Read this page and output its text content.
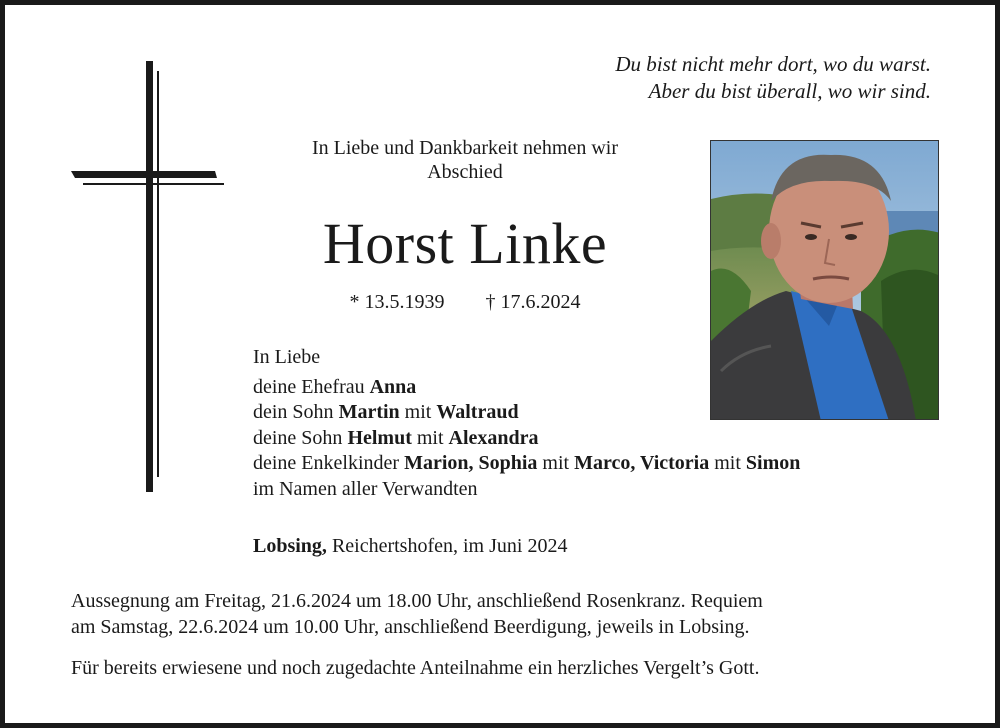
Du bist nicht mehr dort, wo du warst.
Aber du bist überall, wo wir sind.
In Liebe und Dankbarkeit nehmen wir
Abschied
Horst Linke
* 13.5.1939 † 17.6.2024
In Liebe
deine Ehefrau Anna
dein Sohn Martin mit Waltraud
deine Sohn Helmut mit Alexandra
deine Enkelkinder Marion, Sophia mit Marco, Victoria mit Simon
im Namen aller Verwandten
Lobsing, Reichertshofen, im Juni 2024
Aussegnung am Freitag, 21.6.2024 um 18.00 Uhr, anschließend Rosenkranz. Requiem
am Samstag, 22.6.2024 um 10.00 Uhr, anschließend Beerdigung, jeweils in Lobsing.
Für bereits erwiesene und noch zugedachte Anteilnahme ein herzliches Vergelt’s Gott.
